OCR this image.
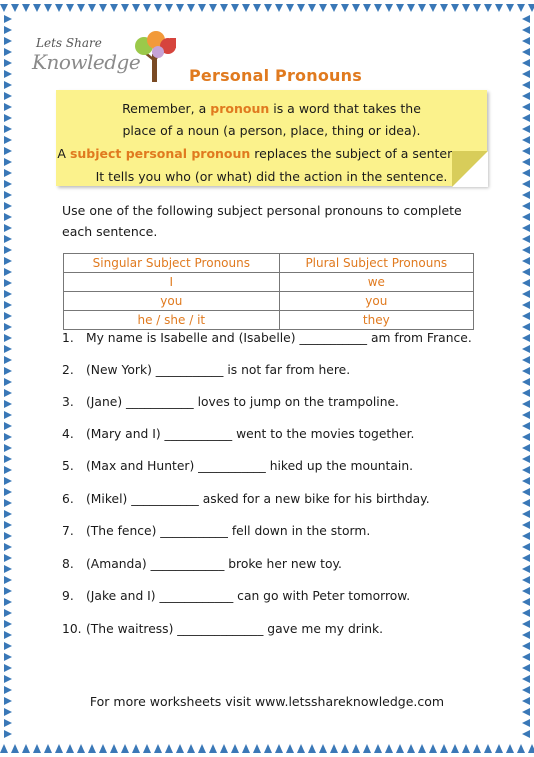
Lets Share
Knowledge
Personal Pronouns
Remember, a pronoun is a word that takes the
place of a noun (a person, place, thing or idea).
A subject personal pronoun replaces the subject of a sentence.
It tells you who (or what) did the action in the sentence.
Use one of the following subject personal pronouns to complete each sentence.
Singular Subject Pronouns	Plural Subject Pronouns
I	we
you	you
he / she / it	they
1. My name is Isabelle and (Isabelle) ___________ am from France.
2. (New York) ___________ is not far from here.
3. (Jane) ___________ loves to jump on the trampoline.
4. (Mary and I) ___________ went to the movies together.
5. (Max and Hunter) ___________ hiked up the mountain.
6. (Mikel) ___________ asked for a new bike for his birthday.
7. (The fence) ___________ fell down in the storm.
8. (Amanda) ____________ broke her new toy.
9. (Jake and I) ____________ can go with Peter tomorrow.
10. (The waitress) ______________ gave me my drink.
For more worksheets visit www.letsshareknowledge.com
